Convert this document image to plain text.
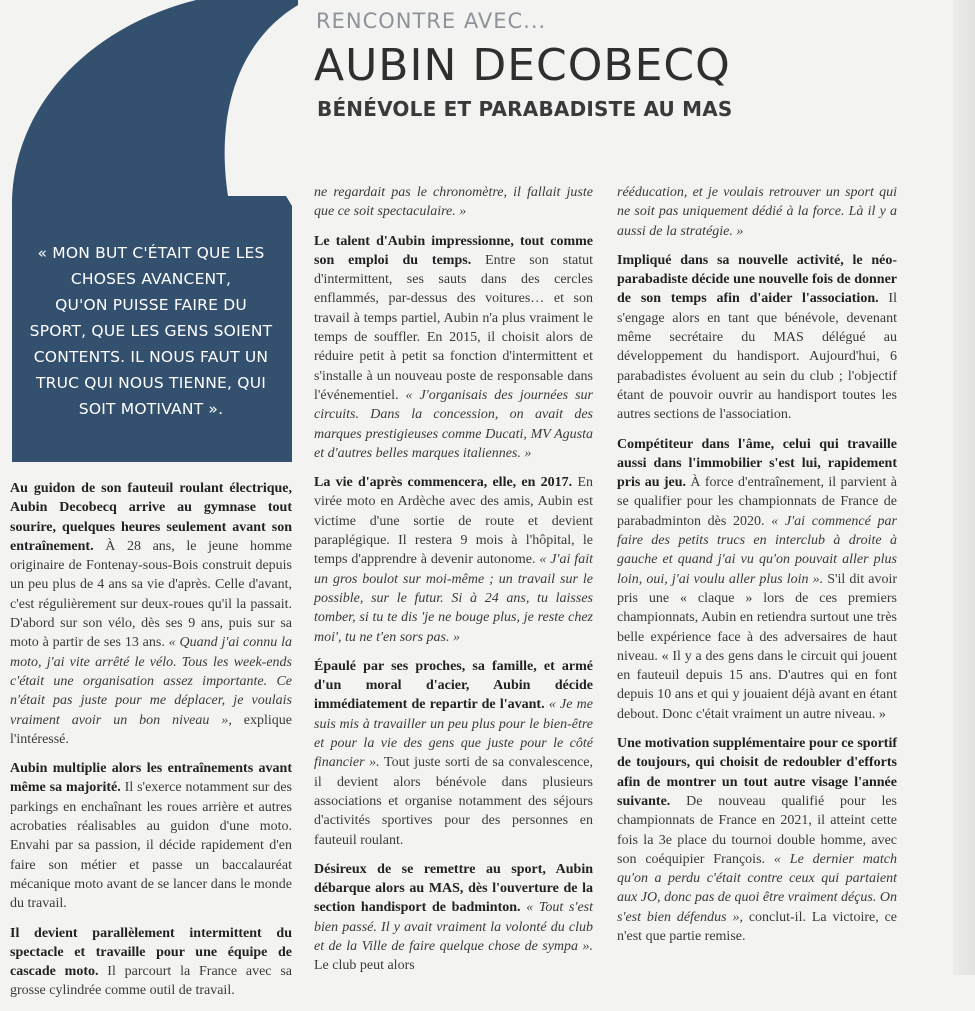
« MON BUT C'ÉTAIT QUE LES
CHOSES AVANCENT,
QU'ON PUISSE FAIRE DU
SPORT, QUE LES GENS SOIENT
CONTENTS. IL NOUS FAUT UN
TRUC QUI NOUS TIENNE, QUI
SOIT MOTIVANT ».
RENCONTRE AVEC...
AUBIN DECOBECQ
BÉNÉVOLE ET PARABADISTE AU MAS

Au guidon de son fauteuil roulant électrique, Aubin Decobecq arrive au gymnase tout sourire, quelques heures seulement avant son entraînement. À 28 ans, le jeune homme originaire de Fontenay-sous-Bois construit depuis un peu plus de 4 ans sa vie d'après. Celle d'avant, c'est régulièrement sur deux-roues qu'il la passait. D'abord sur son vélo, dès ses 9 ans, puis sur sa moto à partir de ses 13 ans. « Quand j'ai connu la moto, j'ai vite arrêté le vélo. Tous les week-ends c'était une organisation assez importante. Ce n'était pas juste pour me déplacer, je voulais vraiment avoir un bon niveau », explique l'intéressé.

Aubin multiplie alors les entraînements avant même sa majorité. Il s'exerce notamment sur des parkings en enchaînant les roues arrière et autres acrobaties réalisables au guidon d'une moto. Envahi par sa passion, il décide rapidement d'en faire son métier et passe un baccalauréat mécanique moto avant de se lancer dans le monde du travail.

Il devient parallèlement intermittent du spectacle et travaille pour une équipe de cascade moto. Il parcourt la France avec sa grosse cylindrée comme outil de travail.

ne regardait pas le chronomètre, il fallait juste que ce soit spectaculaire. »

Le talent d'Aubin impressionne, tout comme son emploi du temps. Entre son statut d'intermittent, ses sauts dans des cercles enflammés, par-dessus des voitures… et son travail à temps partiel, Aubin n'a plus vraiment le temps de souffler. En 2015, il choisit alors de réduire petit à petit sa fonction d'intermittent et s'installe à un nouveau poste de responsable dans l'événementiel. « J'organisais des journées sur circuits. Dans la concession, on avait des marques prestigieuses comme Ducati, MV Agusta et d'autres belles marques italiennes. »

La vie d'après commencera, elle, en 2017. En virée moto en Ardèche avec des amis, Aubin est victime d'une sortie de route et devient paraplégique. Il restera 9 mois à l'hôpital, le temps d'apprendre à devenir autonome. « J'ai fait un gros boulot sur moi-même ; un travail sur le possible, sur le futur. Si à 24 ans, tu laisses tomber, si tu te dis 'je ne bouge plus, je reste chez moi', tu ne t'en sors pas. »

Épaulé par ses proches, sa famille, et armé d'un moral d'acier, Aubin décide immédiatement de repartir de l'avant. « Je me suis mis à travailler un peu plus pour le bien-être et pour la vie des gens que juste pour le côté financier ». Tout juste sorti de sa convalescence, il devient alors bénévole dans plusieurs associations et organise notamment des séjours d'activités sportives pour des personnes en fauteuil roulant.

Désireux de se remettre au sport, Aubin débarque alors au MAS, dès l'ouverture de la section handisport de badminton. « Tout s'est bien passé. Il y avait vraiment la volonté du club et de la Ville de faire quelque chose de sympa ». Le club peut alors

rééducation, et je voulais retrouver un sport qui ne soit pas uniquement dédié à la force. Là il y a aussi de la stratégie. »

Impliqué dans sa nouvelle activité, le néo-parabadiste décide une nouvelle fois de donner de son temps afin d'aider l'association. Il s'engage alors en tant que bénévole, devenant même secrétaire du MAS délégué au développement du handisport. Aujourd'hui, 6 parabadistes évoluent au sein du club ; l'objectif étant de pouvoir ouvrir au handisport toutes les autres sections de l'association.

Compétiteur dans l'âme, celui qui travaille aussi dans l'immobilier s'est lui, rapidement pris au jeu. À force d'entraînement, il parvient à se qualifier pour les championnats de France de parabadminton dès 2020. « J'ai commencé par faire des petits trucs en interclub à droite à gauche et quand j'ai vu qu'on pouvait aller plus loin, oui, j'ai voulu aller plus loin ». S'il dit avoir pris une « claque » lors de ces premiers championnats, Aubin en retiendra surtout une très belle expérience face à des adversaires de haut niveau. « Il y a des gens dans le circuit qui jouent en fauteuil depuis 15 ans. D'autres qui en font depuis 10 ans et qui y jouaient déjà avant en étant debout. Donc c'était vraiment un autre niveau. »

Une motivation supplémentaire pour ce sportif de toujours, qui choisit de redoubler d'efforts afin de montrer un tout autre visage l'année suivante. De nouveau qualifié pour les championnats de France en 2021, il atteint cette fois la 3e place du tournoi double homme, avec son coéquipier François. « Le dernier match qu'on a perdu c'était contre ceux qui partaient aux JO, donc pas de quoi être vraiment déçus. On s'est bien défendus », conclut-il. La victoire, ce n'est que partie remise.
